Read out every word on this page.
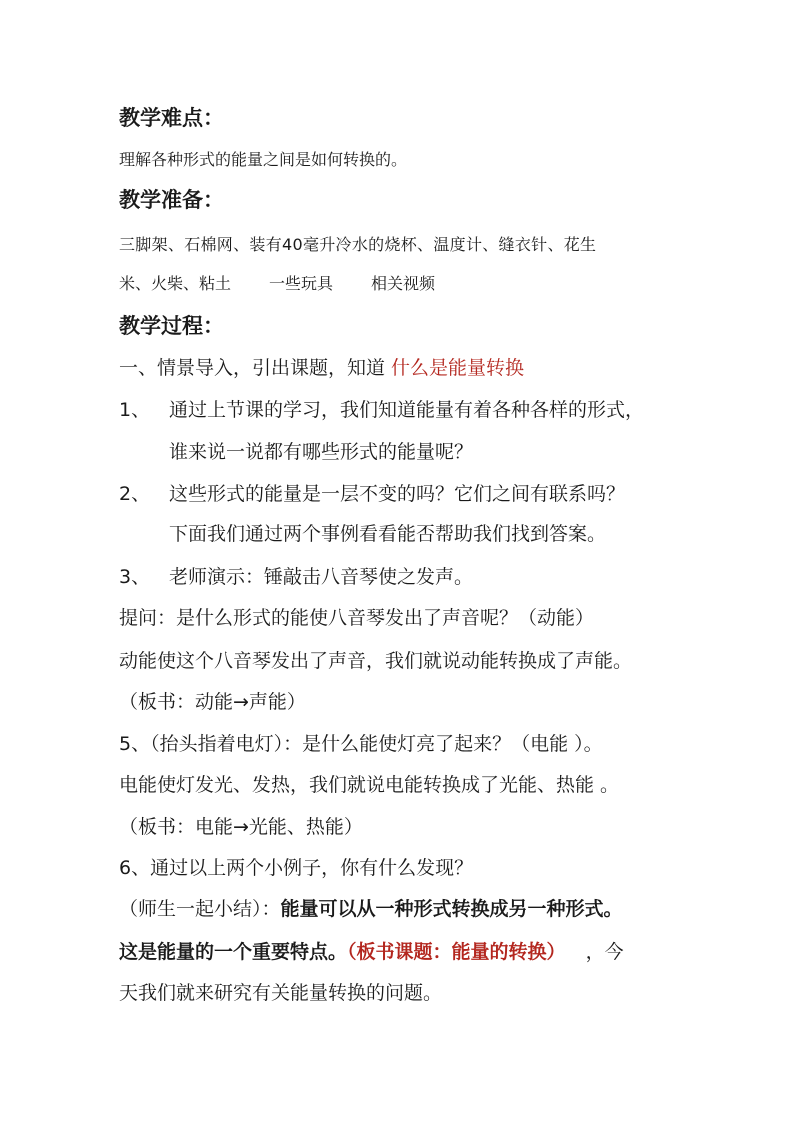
教学难点：
理解各种形式的能量之间是如何转换的。
教学准备：
三脚架、石棉网、装有40毫升冷水的烧杯、温度计、缝衣针、花生
米、火柴、粘土 一些玩具 相关视频
教学过程：
一、情景导入，引出课题，知道 什么是能量转换
1、 通过上节课的学习，我们知道能量有着各种各样的形式，
谁来说一说都有哪些形式的能量呢？
2、 这些形式的能量是一层不变的吗？它们之间有联系吗？
下面我们通过两个事例看看能否帮助我们找到答案。
3、 老师演示：锤敲击八音琴使之发声。
提问：是什么形式的能使八音琴发出了声音呢？（动能）
动能使这个八音琴发出了声音，我们就说动能转换成了声能。
（板书：动能→声能）
5、（抬头指着电灯）：是什么能使灯亮了起来？（电能 ）。
电能使灯发光、发热，我们就说电能转换成了光能、热能 。
（板书：电能→光能、热能）
6、通过以上两个小例子，你有什么发现？
（师生一起小结）：能量可以从一种形式转换成另一种形式。
这是能量的一个重要特点。（板书课题：能量的转换） ，今
天我们就来研究有关能量转换的问题。
